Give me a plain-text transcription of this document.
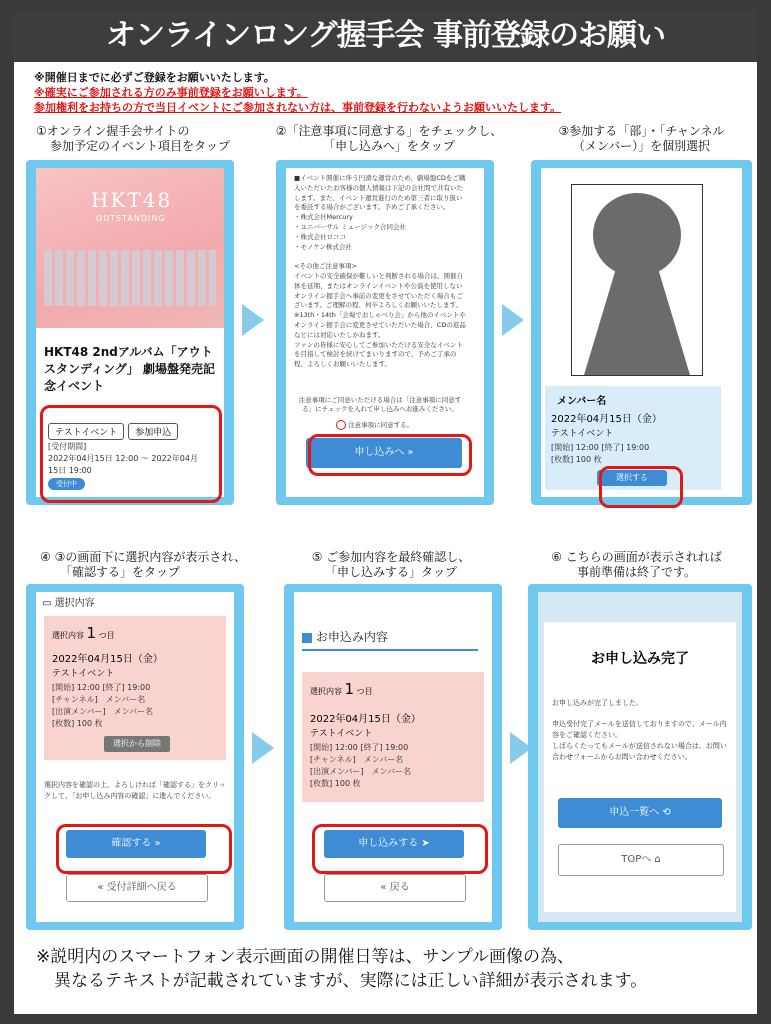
オンラインロング握手会 事前登録のお願い
※開催日までに必ずご登録をお願いいたします。
※確実にご参加される方のみ事前登録をお願いします。
参加権利をお持ちの方で当日イベントにご参加されない方は、事前登録を行わないようお願いいたします。
①オンライン握手会サイトの
参加予定のイベント項目をタップ
②「注意事項に同意する」をチェックし、
「申し込みへ」をタップ
③参加する「部」・「チャンネル
（メンバー）」を個別選択
HKT48
OUTSTANDING
HKT48 2ndアルバム「アウトスタンディング」 劇場盤発売記念イベント
テストイベント 参加申込
[受付期間]
2022年04月15日 12:00 〜 2022年04月15日 19:00
受付中
■イベント開催に伴う円滑な運営のため、劇場盤CDをご購入いただいたお客様の個人情報は下記の会社間で共有いたします。また、イベント運営進行のため第三者に取り扱いを委託する場合がございます。予めご了承ください。
・株式会社Mercury
・ユニバーサル ミュージック合同会社
・株式会社ロココ
・モノケン株式会社

<その他ご注意事項>
イベントの安全確保が難しいと判断される場合は、開催自体を延期、またはオンラインイベントや公演を使用しないオンライン握手会へ事前の変更をさせていただく場合もございます。ご理解の程、何卒よろしくお願いいたします。
※13th・14th「会場でおしゃべり会」から他のイベントやオンライン握手会に変更させていただいた場合、CDの返品などには対応いたしかねます。
ファンの皆様に安心してご参加いただける安全なイベントを目指して検討を続けてまいりますので、予めご了承の程、よろしくお願いいたします。
注意事項にご同意いただける場合は「注意事項に同意する」にチェックを入れて申し込みへお進みください。
注意事項に同意する。
申し込みへ »
メンバー名
2022年04月15日（金）
テストイベント
[開始] 12:00 [終了] 19:00
[枚数] 100 枚
選択する
④ ③の画面下に選択内容が表示され、
「確認する」をタップ
⑤ ご参加内容を最終確認し、
「申し込みする」タップ
⑥ こちらの画面が表示されれば
事前準備は終了です。
▭ 選択内容
選択内容 1 つ目
2022年04月15日（金）
テストイベント
[開始] 12:00 [終了] 19:00
[チャンネル]　メンバー名
[出演メンバー]　メンバー名
[枚数] 100 枚
選択から削除
選択内容を確認の上、よろしければ「確認する」をクリックして、「お申し込み内容の確認」に進んでください。
確認する »
« 受付詳細へ戻る
お申込み内容
選択内容 1 つ目
2022年04月15日（金）
テストイベント
[開始] 12:00 [終了] 19:00
[チャンネル]　メンバー名
[出演メンバー]　メンバー名
[枚数] 100 枚
申し込みする ➤
« 戻る
お申し込み完了
お申し込みが完了しました。
申込受付完了メールを送信しておりますので、メール内容をご確認ください。
しばらくたってもメールが送信されない場合は、お問い合わせフォームからお問い合わせください。
申込一覧へ ⟲
TOPへ ⌂
※説明内のスマートフォン表示画面の開催日等は、サンプル画像の為、
異なるテキストが記載されていますが、実際には正しい詳細が表示されます。
